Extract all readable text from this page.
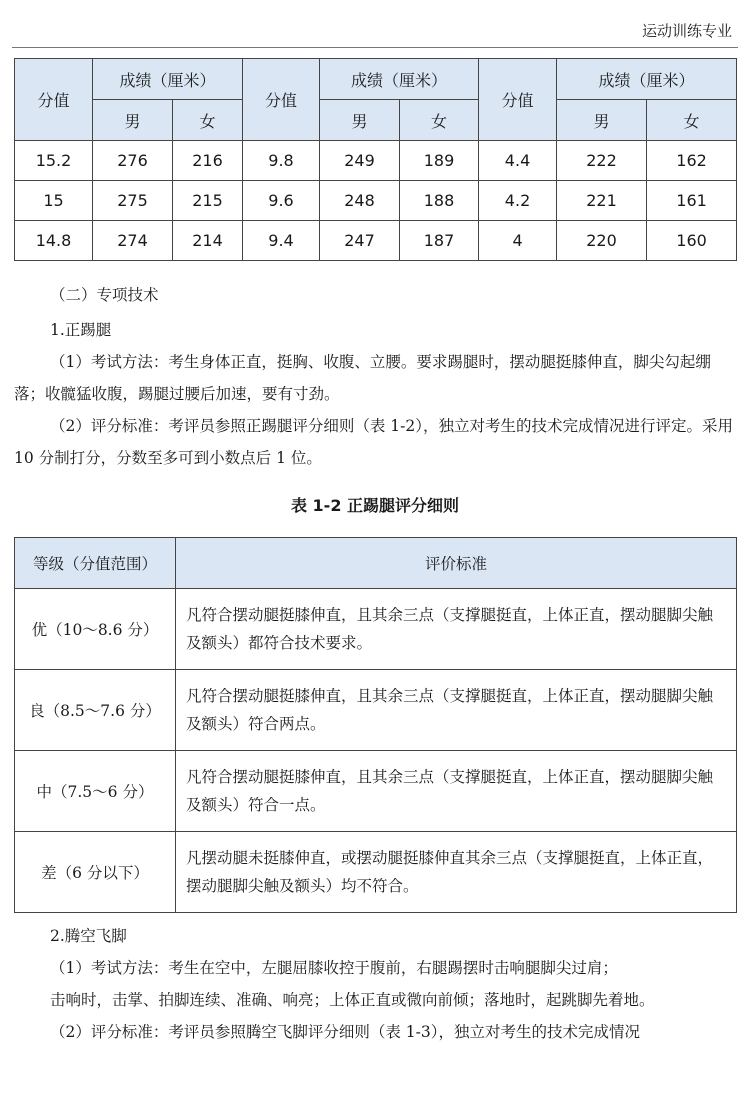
运动训练专业
分值	成绩（厘米）		分值	成绩（厘米）		分值	成绩（厘米）	
	男	女		男	女		男	女
15.2	276	216	9.8	249	189	4.4	222	162
15	275	215	9.6	248	188	4.2	221	161
14.8	274	214	9.4	247	187	4	220	160
（二）专项技术

1.正踢腿

（1）考试方法：考生身体正直，挺胸、收腹、立腰。要求踢腿时，摆动腿挺膝伸直，脚尖勾起绷落；收髋猛收腹，踢腿过腰后加速，要有寸劲。

（2）评分标准：考评员参照正踢腿评分细则（表 1-2），独立对考生的技术完成情况进行评定。采用 10 分制打分，分数至多可到小数点后 1 位。

表 1-2 正踢腿评分细则
等级（分值范围）	评价标准
优（10～8.6 分）	凡符合摆动腿挺膝伸直，且其余三点（支撑腿挺直，上体正直，摆动腿脚尖触及额头）都符合技术要求。
良（8.5～7.6 分）	凡符合摆动腿挺膝伸直，且其余三点（支撑腿挺直，上体正直，摆动腿脚尖触及额头）符合两点。
中（7.5～6 分）	凡符合摆动腿挺膝伸直，且其余三点（支撑腿挺直，上体正直，摆动腿脚尖触及额头）符合一点。
差（6 分以下）	凡摆动腿未挺膝伸直，或摆动腿挺膝伸直其余三点（支撑腿挺直，上体正直，摆动腿脚尖触及额头）均不符合。

2.腾空飞脚

（1）考试方法：考生在空中，左腿屈膝收控于腹前，右腿踢摆时击响腿脚尖过肩；

击响时，击掌、拍脚连续、准确、响亮；上体正直或微向前倾；落地时，起跳脚先着地。

（2）评分标准：考评员参照腾空飞脚评分细则（表 1-3），独立对考生的技术完成情况
